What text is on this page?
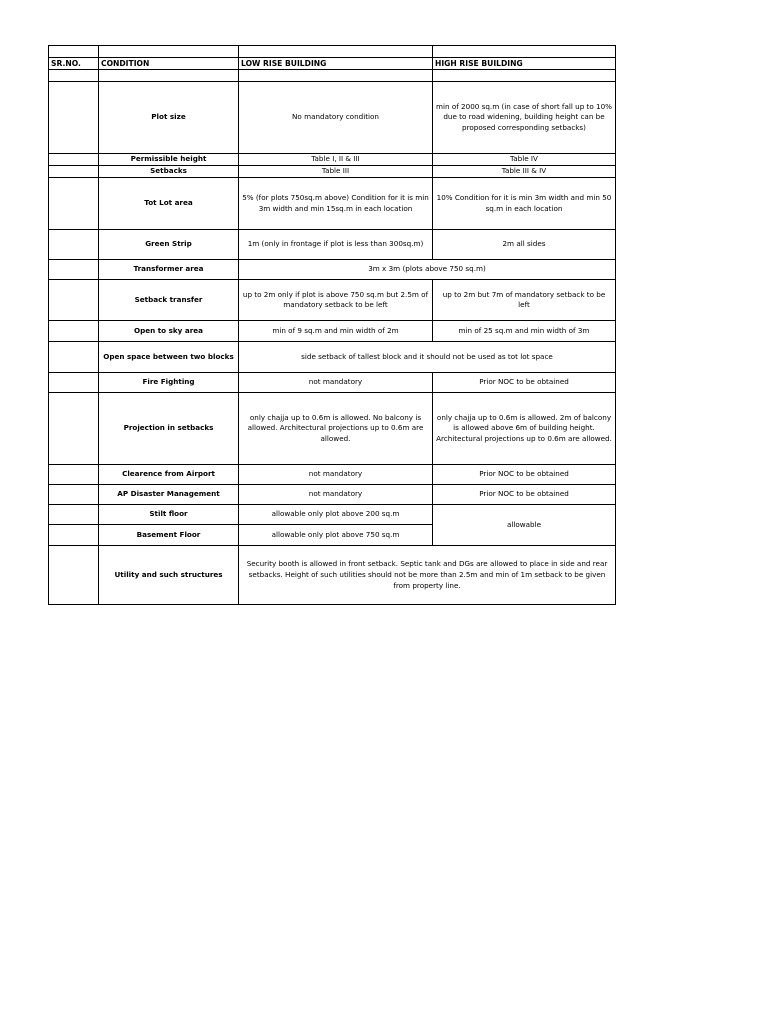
SR.NO.	CONDITION	LOW RISE BUILDING	HIGH RISE BUILDING

	Plot size	No mandatory condition	min of 2000 sq.m (in case of short fall up to 10% due to road widening, building height can be proposed corresponding setbacks)
	Permissible height	Table I, II & III	Table IV
	Setbacks	Table III	Table III & IV
	Tot Lot area	5% (for plots 750sq.m above) Condition for it is min 3m width and min 15sq.m in each location	10% Condition for it is min 3m width and min 50 sq.m in each location
	Green Strip	1m (only in frontage if plot is less than 300sq.m)	2m all sides
	Transformer area	3m x 3m (plots above 750 sq.m)	
	Setback transfer	up to 2m only if plot is above 750 sq.m but 2.5m of mandatory setback to be left	up to 2m but 7m of mandatory setback to be left
	Open to sky area	min of 9 sq.m and min width of 2m	min of 25 sq.m and min width of 3m
	Open space between two blocks	side setback of tallest block and it should not be used as tot lot space	
	Fire Fighting	not mandatory	Prior NOC to be obtained
	Projection in setbacks	only chajja up to 0.6m is allowed. No balcony is allowed. Architectural projections up to 0.6m are allowed.	only chajja up to 0.6m is allowed. 2m of balcony is allowed above 6m of building height. Architectural projections up to 0.6m are allowed.
	Clearence from Airport	not mandatory	Prior NOC to be obtained
	AP Disaster Management	not mandatory	Prior NOC to be obtained
	Stilt floor	allowable only plot above 200 sq.m	allowable
	Basement Floor	allowable only plot above 750 sq.m	
	Utility and such structures	Security booth is allowed in front setback. Septic tank and DGs are allowed to place in side and rear setbacks. Height of such utilities should not be more than 2.5m and min of 1m setback to be given from property line.	
